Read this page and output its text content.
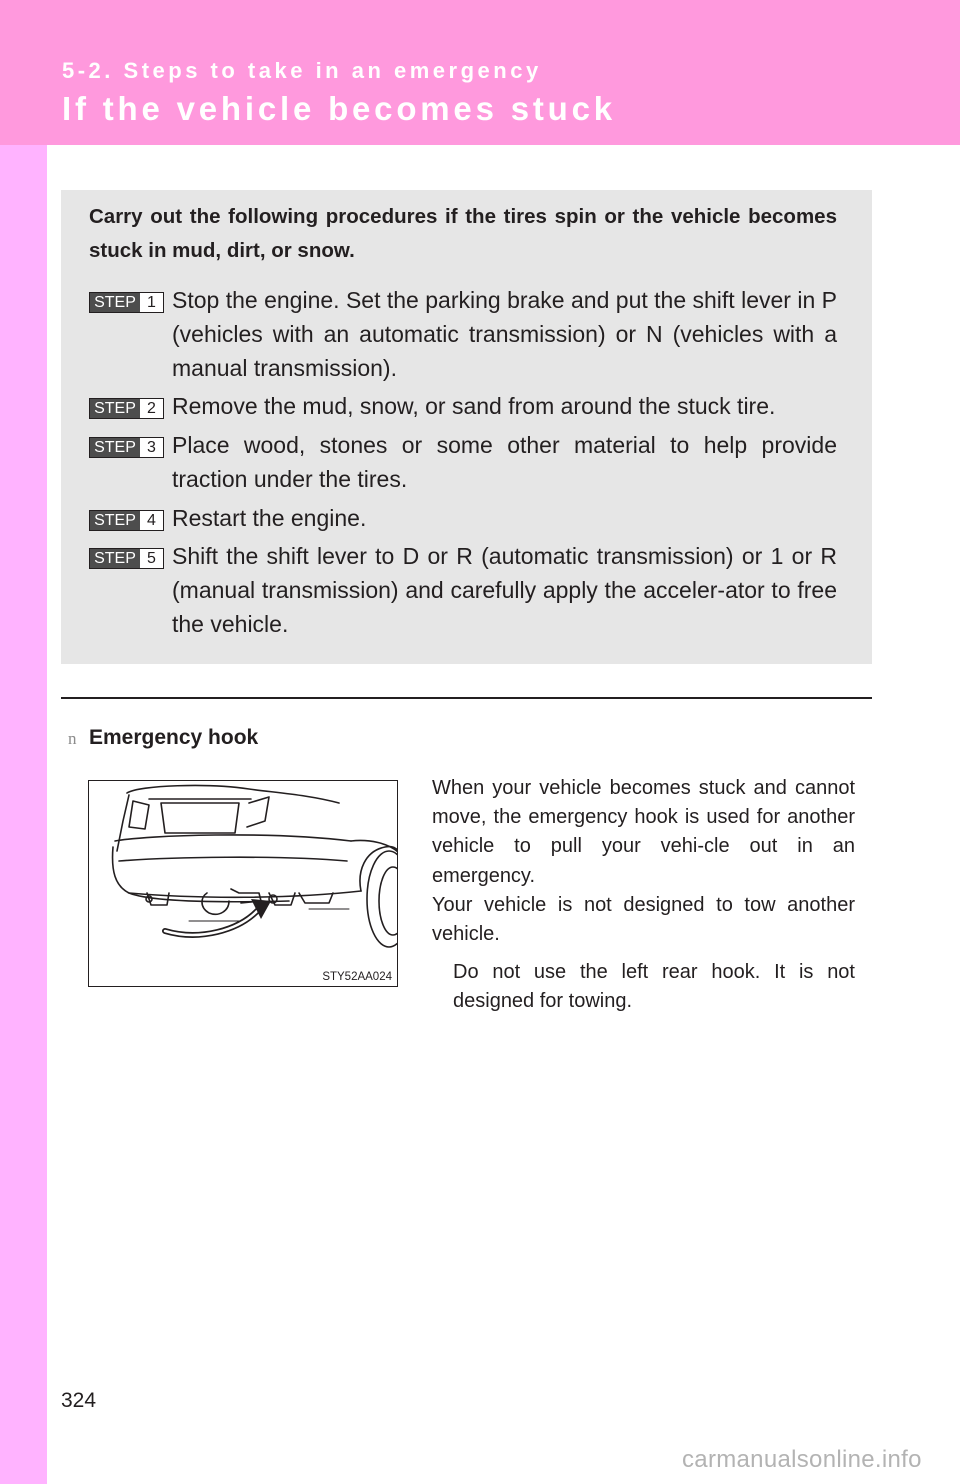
5-2. Steps to take in an emergency
If the vehicle becomes stuck
Carry out the following procedures if the tires spin or the vehicle becomes stuck in mud, dirt, or snow.
STEP 1 Stop the engine. Set the parking brake and put the shift lever in P (vehicles with an automatic transmission) or N (vehicles with a manual transmission).
STEP 2 Remove the mud, snow, or sand from around the stuck tire.
STEP 3 Place wood, stones or some other material to help provide traction under the tires.
STEP 4 Restart the engine.
STEP 5 Shift the shift lever to D or R (automatic transmission) or 1 or R (manual transmission) and carefully apply the acceler-ator to free the vehicle.
n Emergency hook
STY52AA024

When your vehicle becomes stuck and cannot move, the emergency hook is used for another vehicle to pull your vehi-cle out in an emergency.

Your vehicle is not designed to tow another vehicle.

Do not use the left rear hook. It is not designed for towing.
324
carmanualsonline.info
